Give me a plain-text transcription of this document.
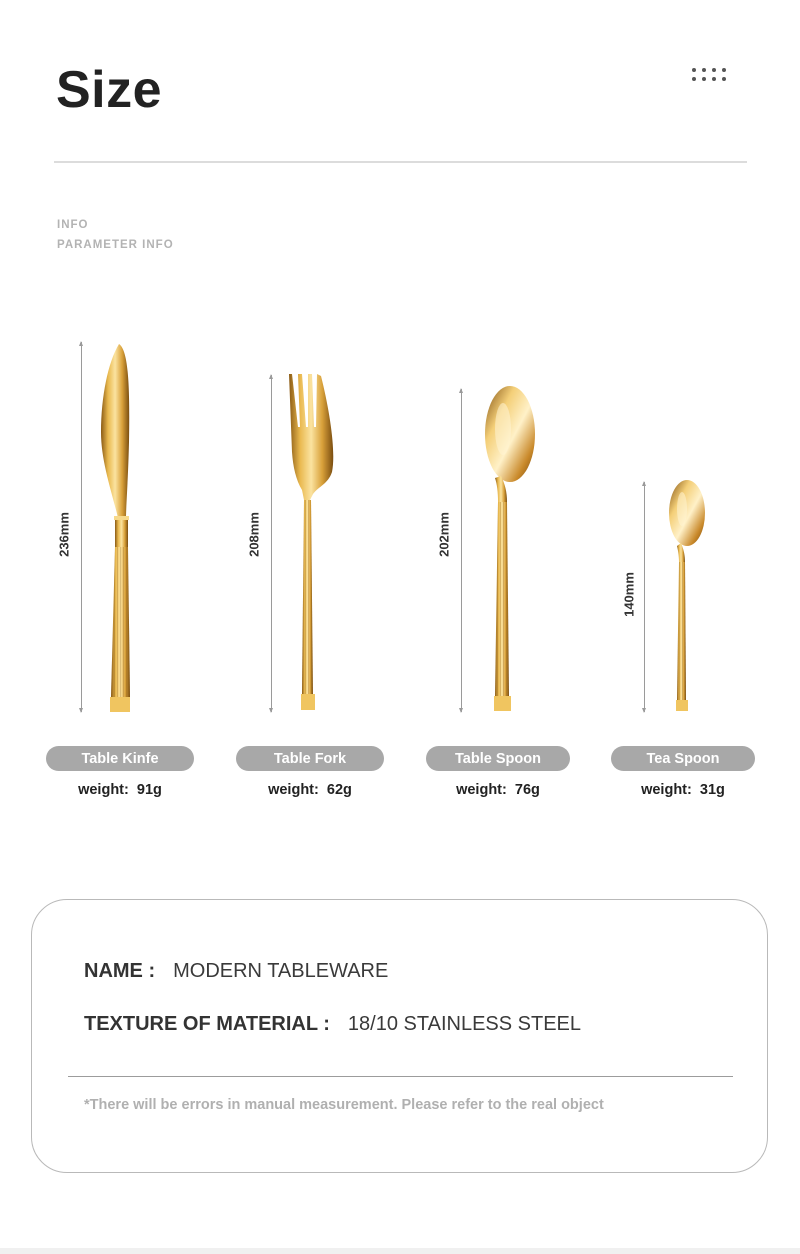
Size
INFO
PARAMETER INFO
236mm
Table Kinfe
weight:  91g
208mm
Table Fork
weight:  62g
202mm
Table Spoon
weight:  76g
140mm
Tea Spoon
weight:  31g
NAME : MODERN TABLEWARE
TEXTURE OF MATERIAL : 18/10 STAINLESS STEEL
*There will be errors in manual measurement. Please refer to the real object
